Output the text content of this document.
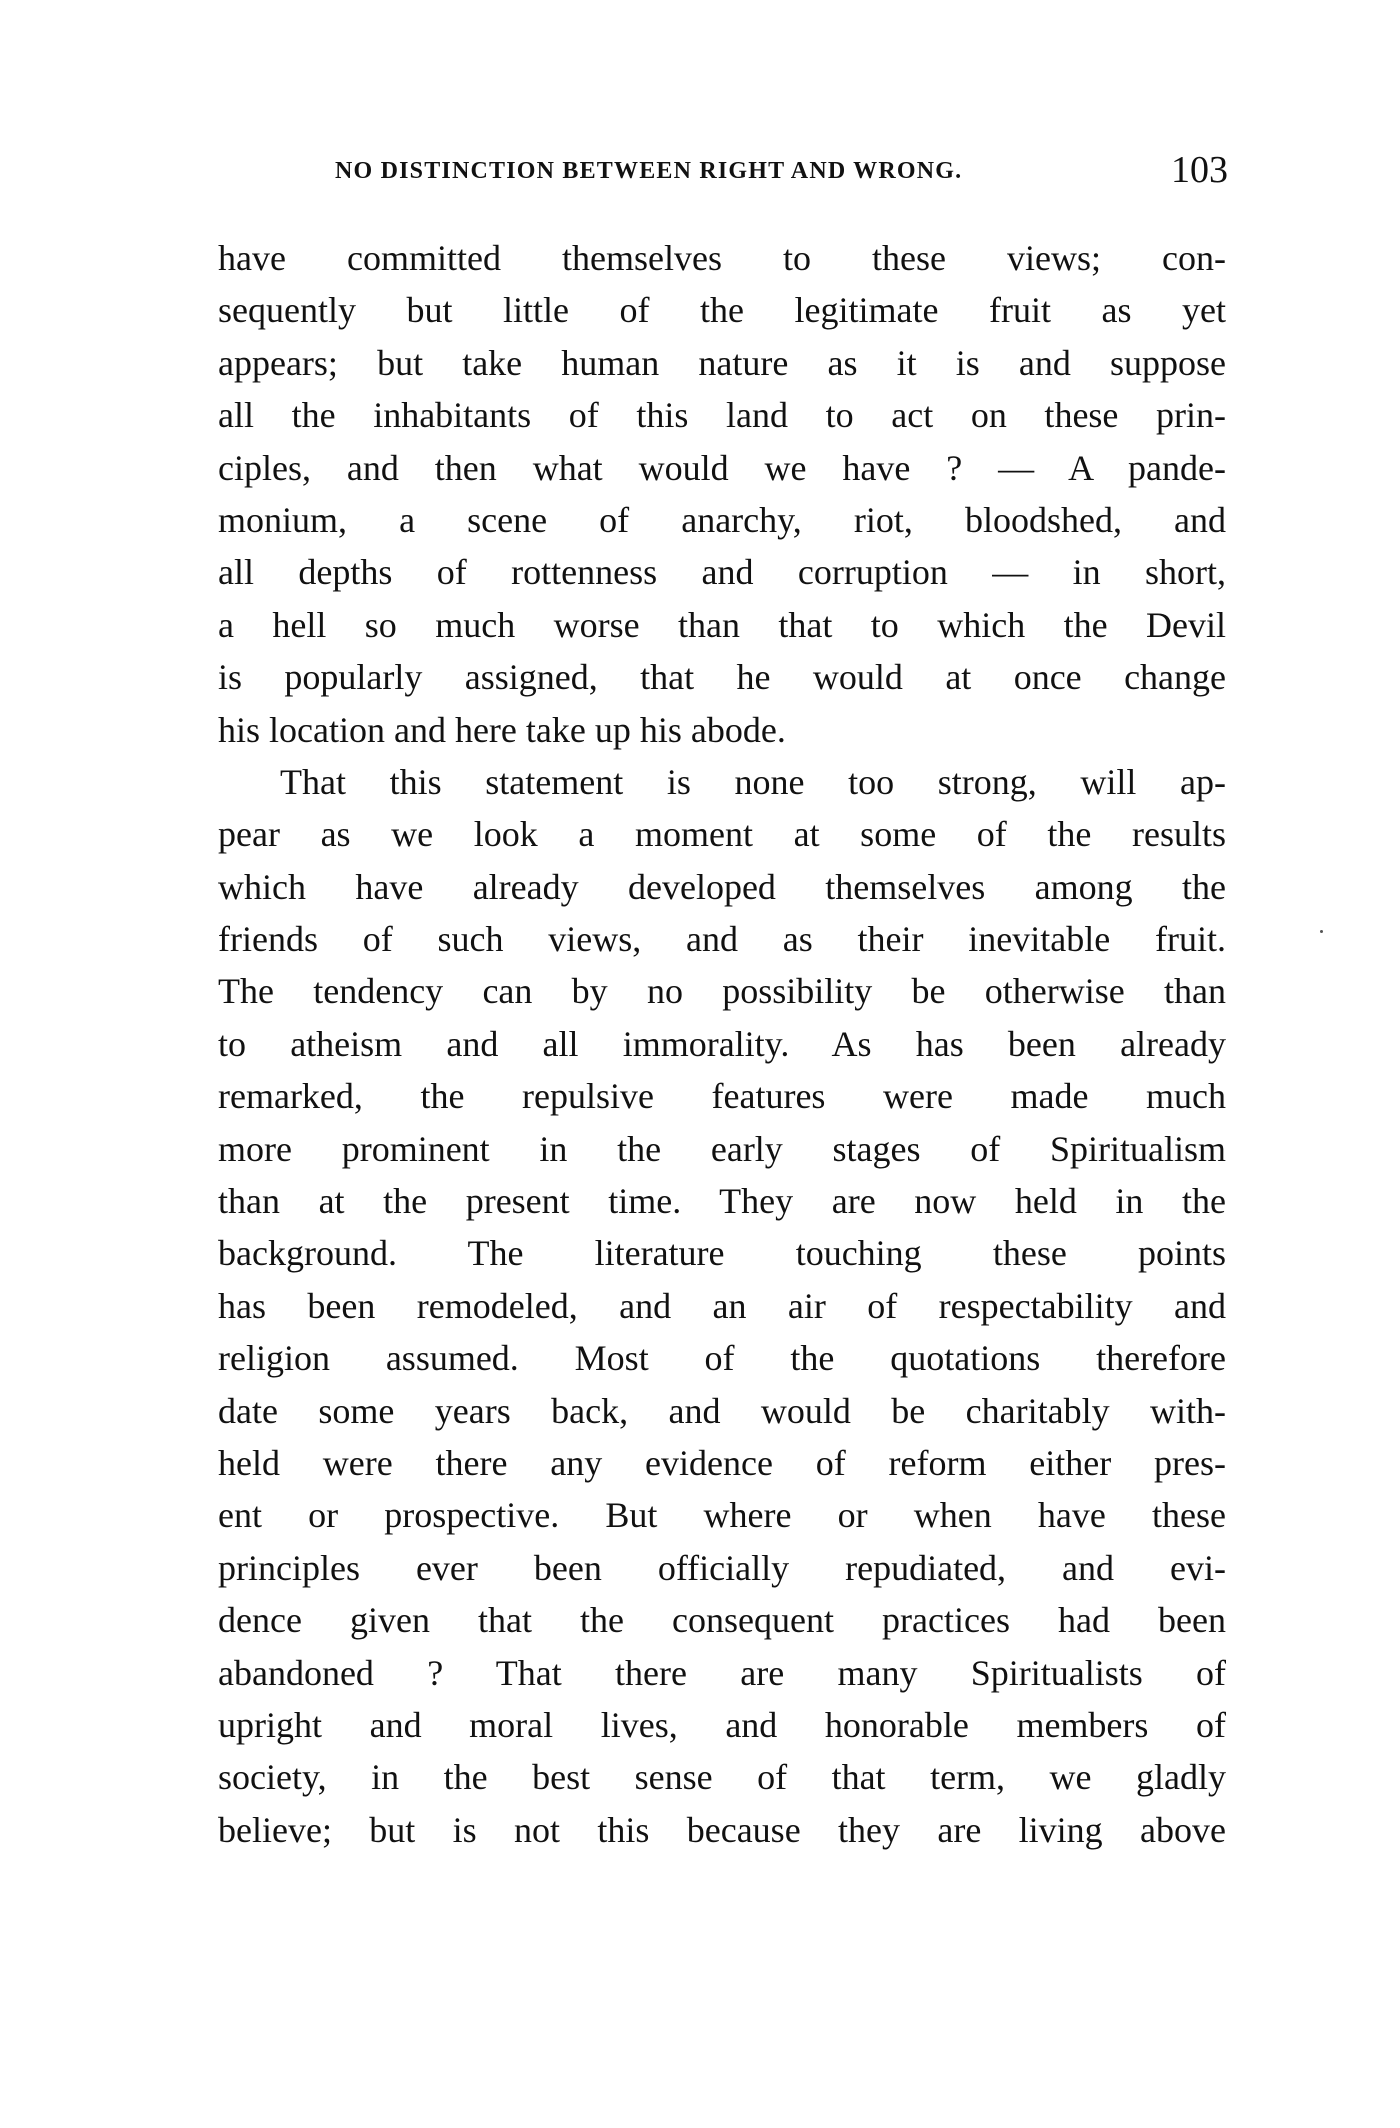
NO DISTINCTION BETWEEN RIGHT AND WRONG.	103
have committed themselves to these views; con-
sequently but little of the legitimate fruit as yet
appears; but take human nature as it is and suppose
all the inhabitants of this land to act on these prin-
ciples, and then what would we have ? — A pande-
monium, a scene of anarchy, riot, bloodshed, and
all depths of rottenness and corruption — in short,
a hell so much worse than that to which the Devil
is popularly assigned, that he would at once change
his location and here take up his abode.
That this statement is none too strong, will ap-
pear as we look a moment at some of the results
which have already developed themselves among the
friends of such views, and as their inevitable fruit.
The tendency can by no possibility be otherwise than
to atheism and all immorality. As has been already
remarked, the repulsive features were made much
more prominent in the early stages of Spiritualism
than at the present time. They are now held in the
background. The literature touching these points
has been remodeled, and an air of respectability and
religion assumed. Most of the quotations therefore
date some years back, and would be charitably with-
held were there any evidence of reform either pres-
ent or prospective. But where or when have these
principles ever been officially repudiated, and evi-
dence given that the consequent practices had been
abandoned ? That there are many Spiritualists of
upright and moral lives, and honorable members of
society, in the best sense of that term, we gladly
believe; but is not this because they are living above
